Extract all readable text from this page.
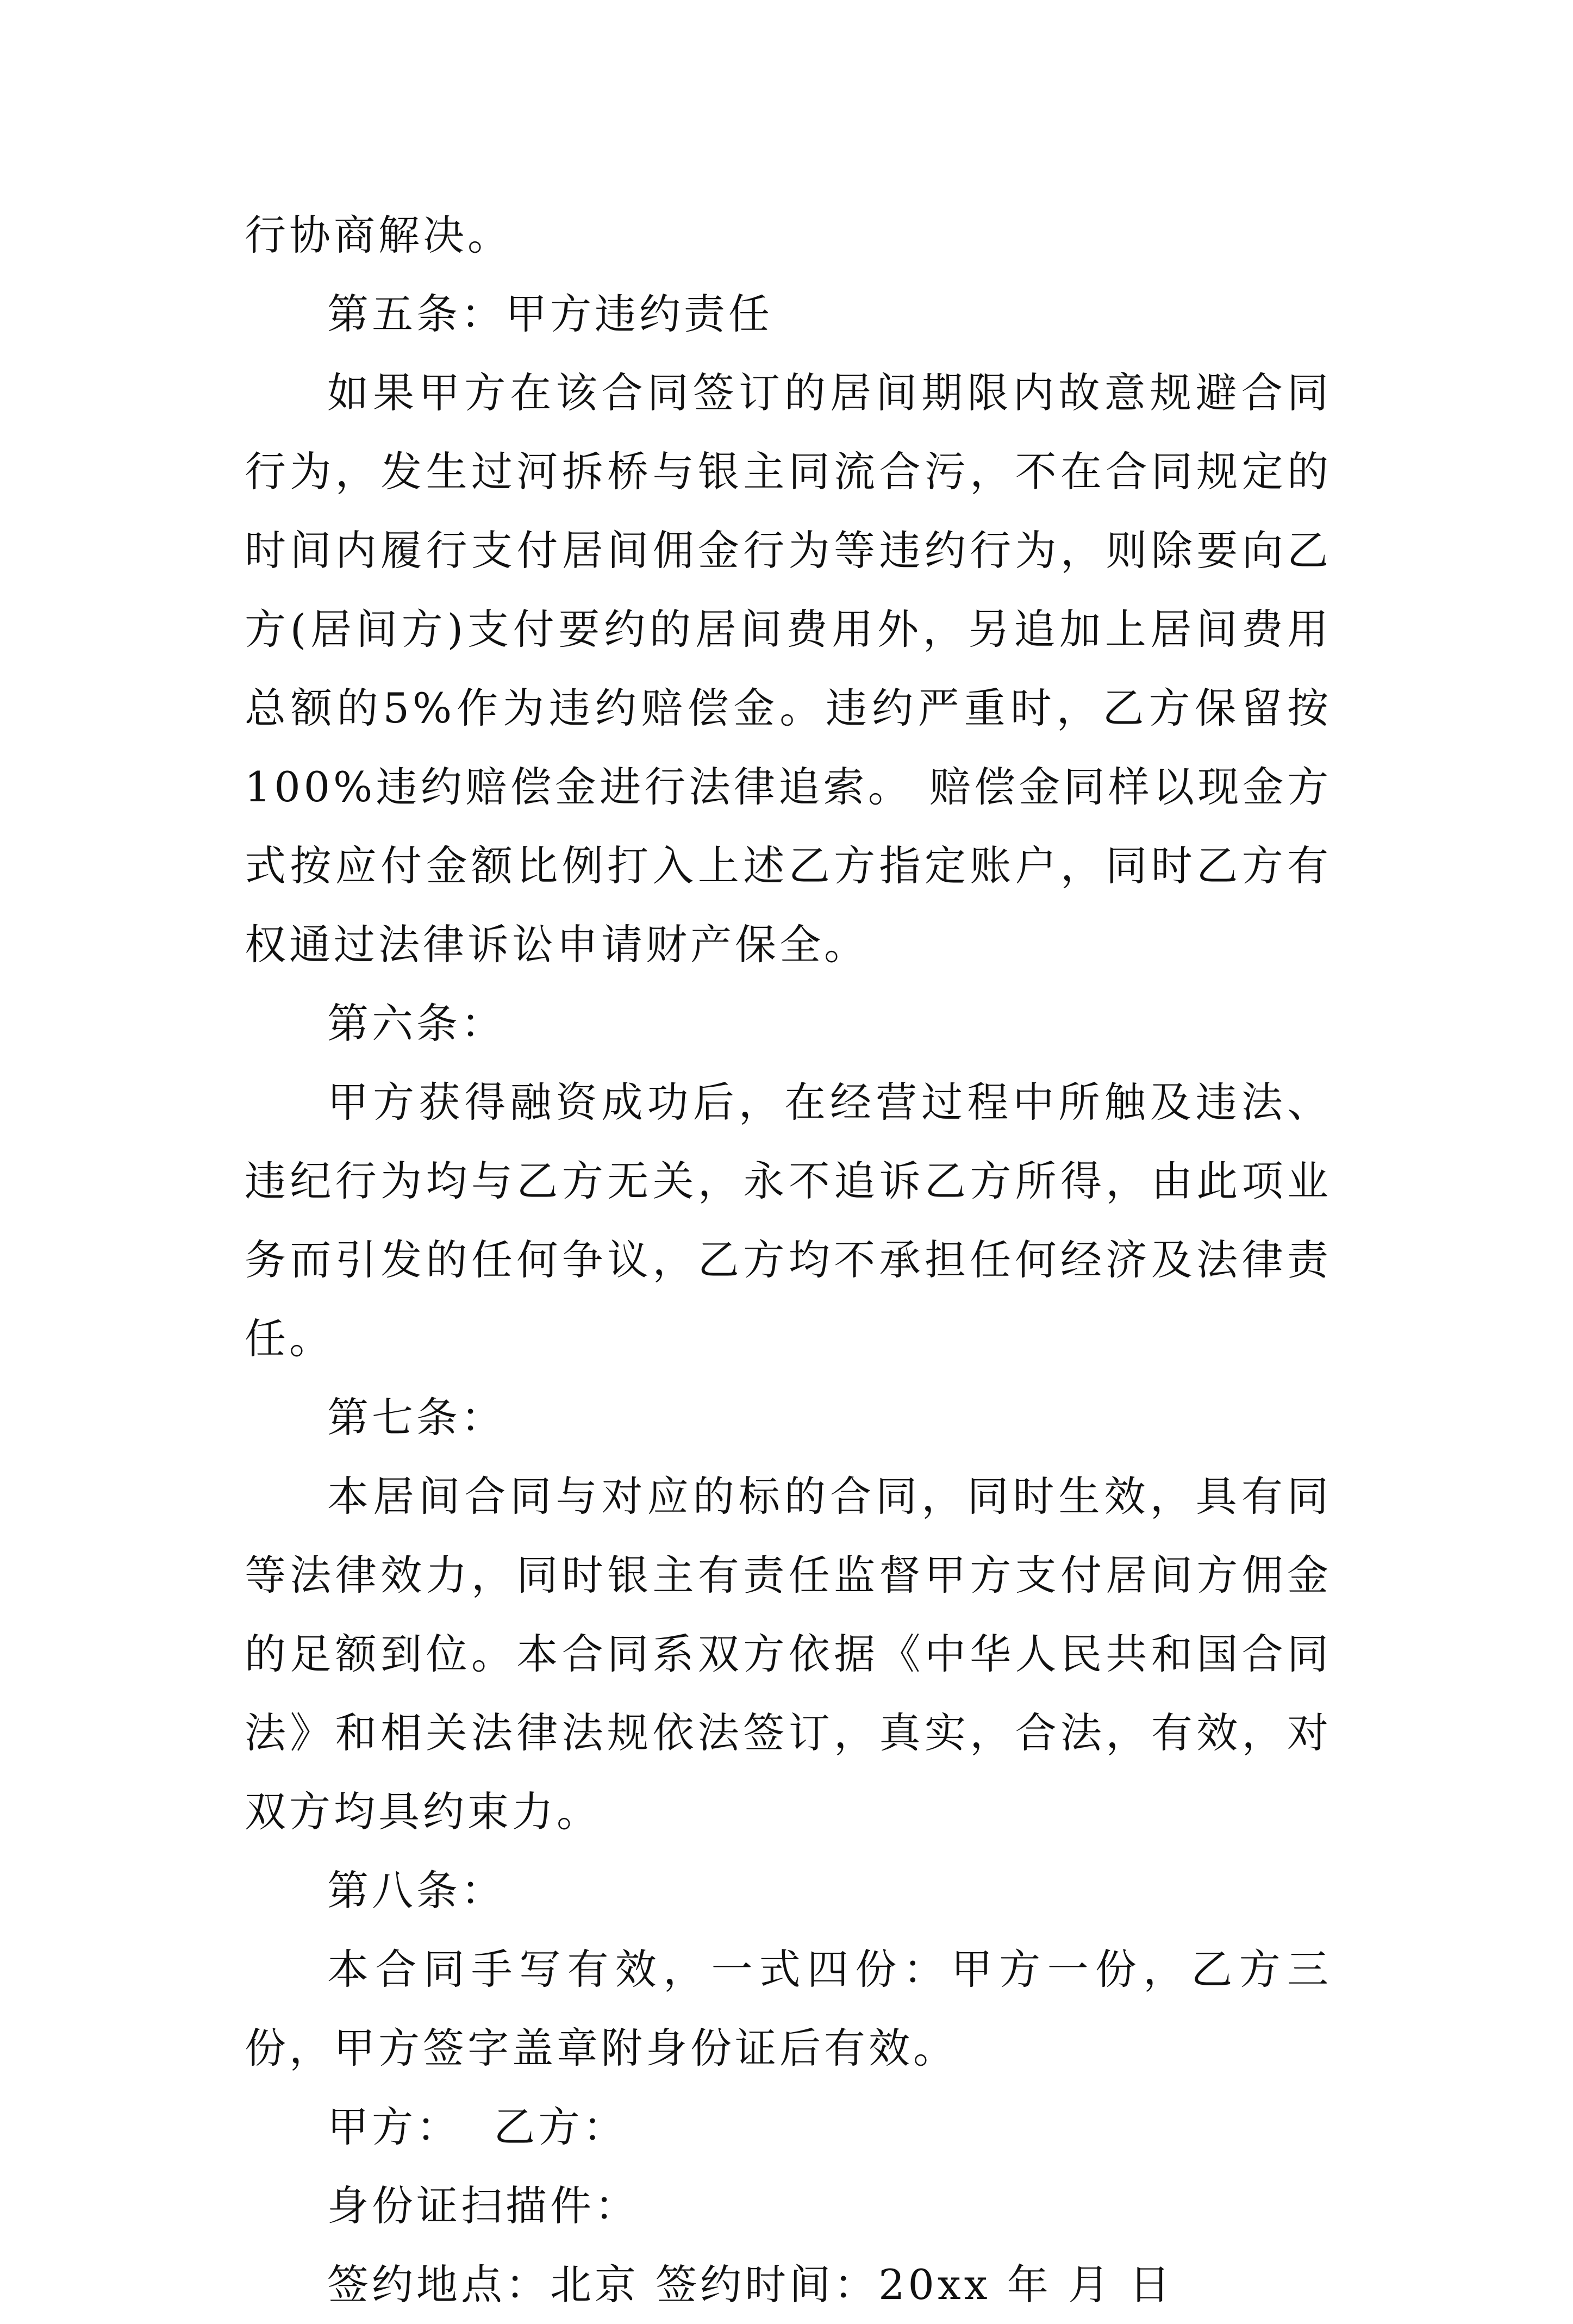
行协商解决。

第五条：甲方违约责任

如果甲方在该合同签订的居间期限内故意规避合同行为，发生过河拆桥与银主同流合污，不在合同规定的时间内履行支付居间佣金行为等违约行为，则除要向乙方(居间方)支付要约的居间费用外，另追加上居间费用总额的5%作为违约赔偿金。违约严重时，乙方保留按100%违约赔偿金进行法律追索。 赔偿金同样以现金方式按应付金额比例打入上述乙方指定账户，同时乙方有权通过法律诉讼申请财产保全。

第六条：

甲方获得融资成功后，在经营过程中所触及违法、违纪行为均与乙方无关，永不追诉乙方所得，由此项业务而引发的任何争议，乙方均不承担任何经济及法律责任。

第七条：

本居间合同与对应的标的合同，同时生效，具有同等法律效力，同时银主有责任监督甲方支付居间方佣金的足额到位。本合同系双方依据《中华人民共和国合同法》和相关法律法规依法签订，真实，合法，有效，对双方均具约束力。

第八条：

本合同手写有效，一式四份：甲方一份，乙方三份，甲方签字盖章附身份证后有效。

甲方： 乙方：

身份证扫描件：

签约地点：北京 签约时间：20xx 年 月 日
